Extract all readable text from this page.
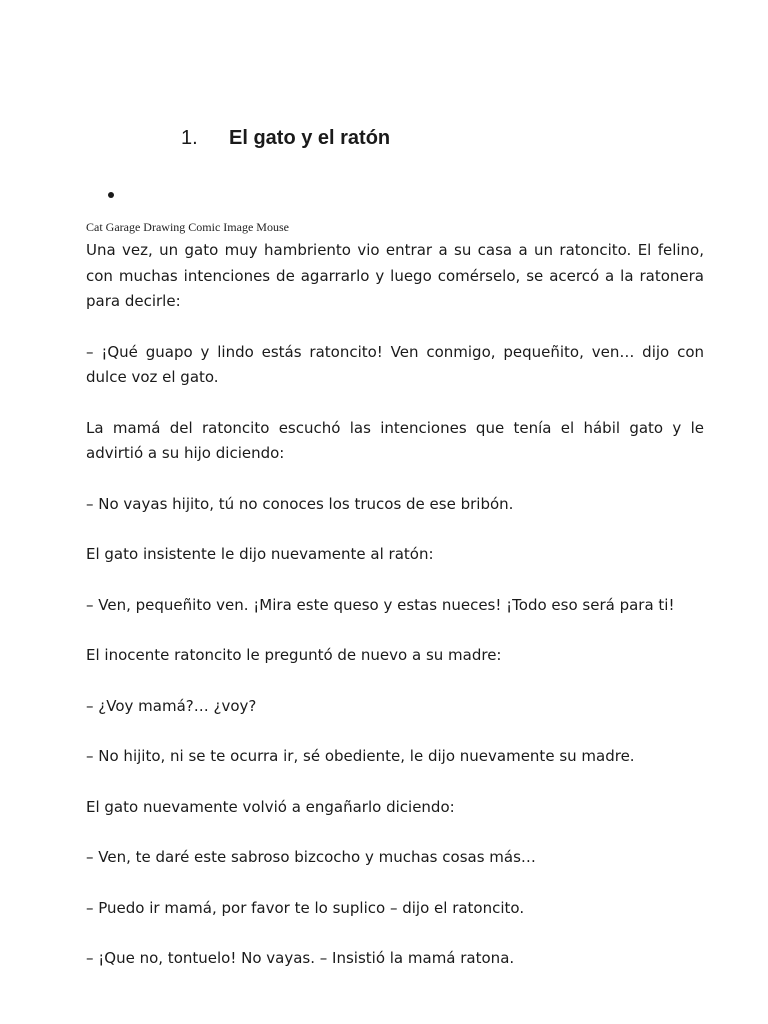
1. El gato y el ratón
Cat Garage Drawing Comic Image Mouse

Una vez, un gato muy hambriento vio entrar a su casa a un ratoncito. El felino, con muchas intenciones de agarrarlo y luego comérselo, se acercó a la ratonera para decirle:

– ¡Qué guapo y lindo estás ratoncito! Ven conmigo, pequeñito, ven… dijo con dulce voz el gato.

La mamá del ratoncito escuchó las intenciones que tenía el hábil gato y le advirtió a su hijo diciendo:

– No vayas hijito, tú no conoces los trucos de ese bribón.

El gato insistente le dijo nuevamente al ratón:

– Ven, pequeñito ven. ¡Mira este queso y estas nueces! ¡Todo eso será para ti!

El inocente ratoncito le preguntó de nuevo a su madre:

– ¿Voy mamá?… ¿voy?

– No hijito, ni se te ocurra ir, sé obediente, le dijo nuevamente su madre.

El gato nuevamente volvió a engañarlo diciendo:

– Ven, te daré este sabroso bizcocho y muchas cosas más…

– Puedo ir mamá, por favor te lo suplico – dijo el ratoncito.

– ¡Que no, tontuelo! No vayas. – Insistió la mamá ratona.
